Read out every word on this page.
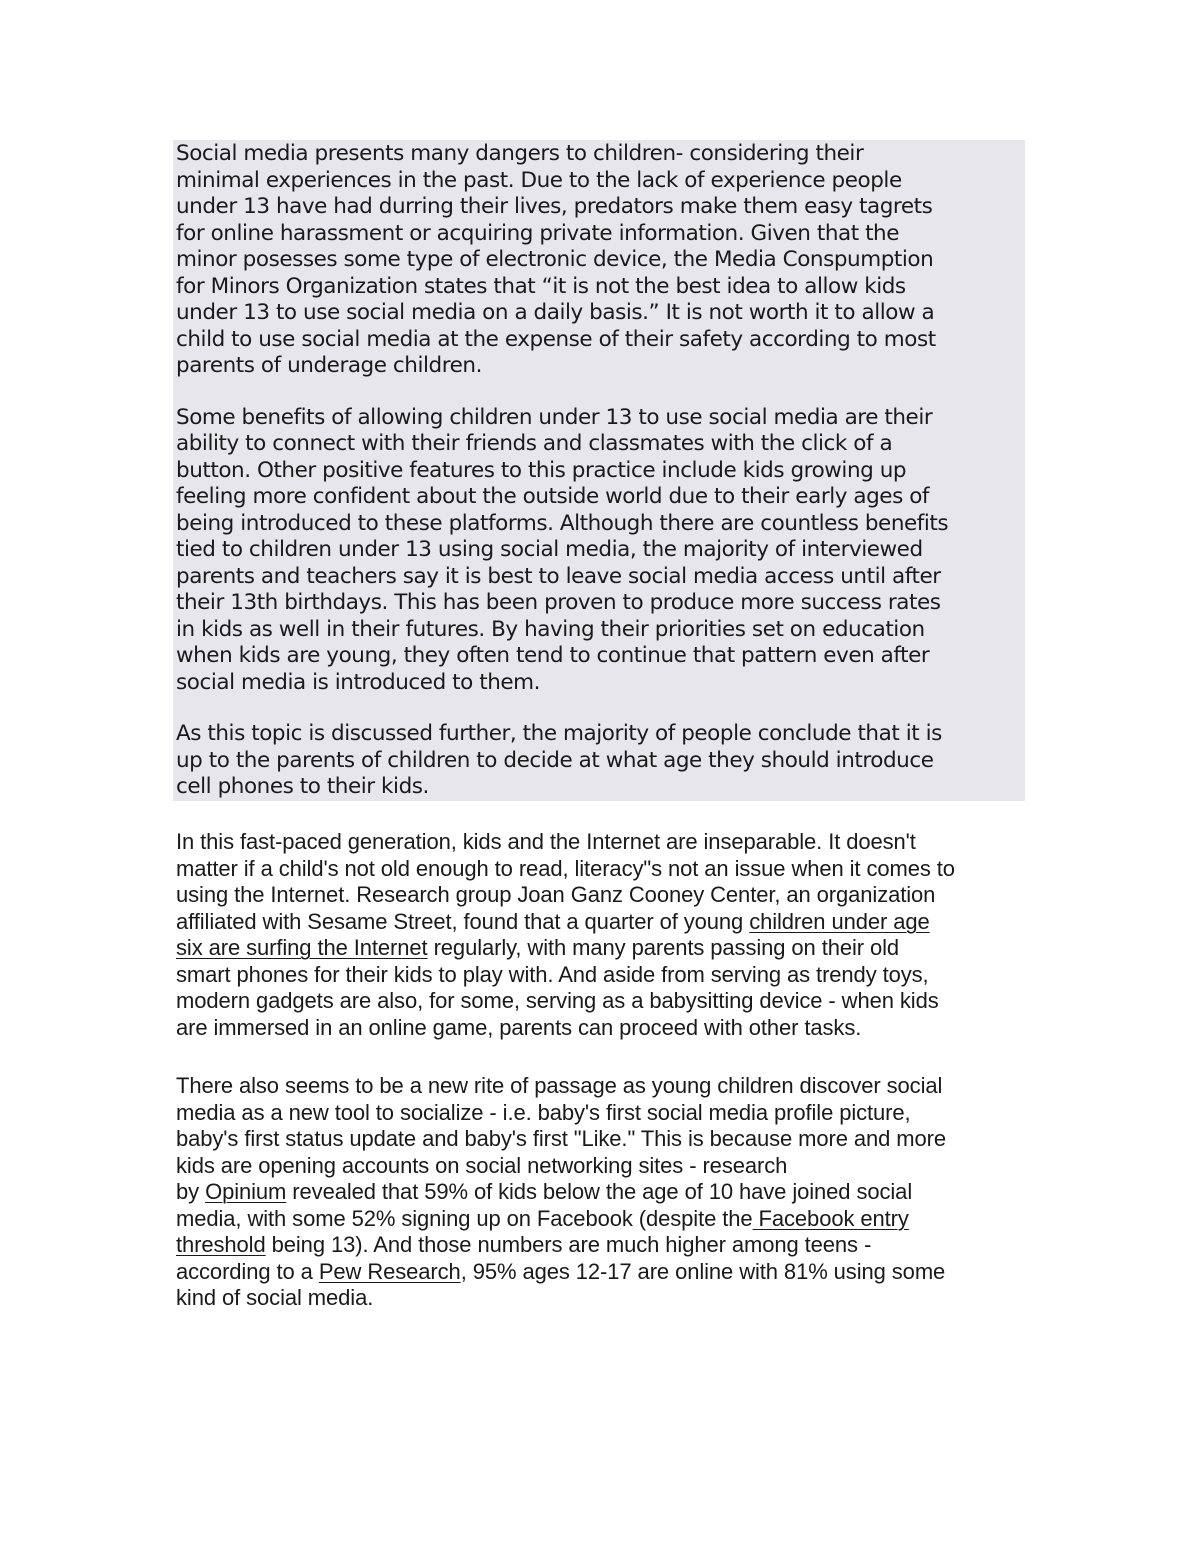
Social media presents many dangers to children- considering their
minimal experiences in the past. Due to the lack of experience people
under 13 have had durring their lives, predators make them easy tagrets
for online harassment or acquiring private information. Given that the
minor posesses some type of electronic device, the Media Conspumption
for Minors Organization states that “it is not the best idea to allow kids
under 13 to use social media on a daily basis.” It is not worth it to allow a
child to use social media at the expense of their safety according to most
parents of underage children.
Some benefits of allowing children under 13 to use social media are their
ability to connect with their friends and classmates with the click of a
button. Other positive features to this practice include kids growing up
feeling more confident about the outside world due to their early ages of
being introduced to these platforms. Although there are countless benefits
tied to children under 13 using social media, the majority of interviewed
parents and teachers say it is best to leave social media access until after
their 13th birthdays. This has been proven to produce more success rates
in kids as well in their futures. By having their priorities set on education
when kids are young, they often tend to continue that pattern even after
social media is introduced to them.
As this topic is discussed further, the majority of people conclude that it is
up to the parents of children to decide at what age they should introduce
cell phones to their kids.
In this fast-paced generation, kids and the Internet are inseparable. It doesn't
matter if a child's not old enough to read, literacy"s not an issue when it comes to
using the Internet. Research group Joan Ganz Cooney Center, an organization
affiliated with Sesame Street, found that a quarter of young children under age
six are surfing the Internet regularly, with many parents passing on their old
smart phones for their kids to play with. And aside from serving as trendy toys,
modern gadgets are also, for some, serving as a babysitting device - when kids
are immersed in an online game, parents can proceed with other tasks.
There also seems to be a new rite of passage as young children discover social
media as a new tool to socialize - i.e. baby's first social media profile picture,
baby's first status update and baby's first "Like." This is because more and more
kids are opening accounts on social networking sites - research
by Opinium revealed that 59% of kids below the age of 10 have joined social
media, with some 52% signing up on Facebook (despite the Facebook entry
threshold being 13). And those numbers are much higher among teens -
according to a Pew Research, 95% ages 12-17 are online with 81% using some
kind of social media.
